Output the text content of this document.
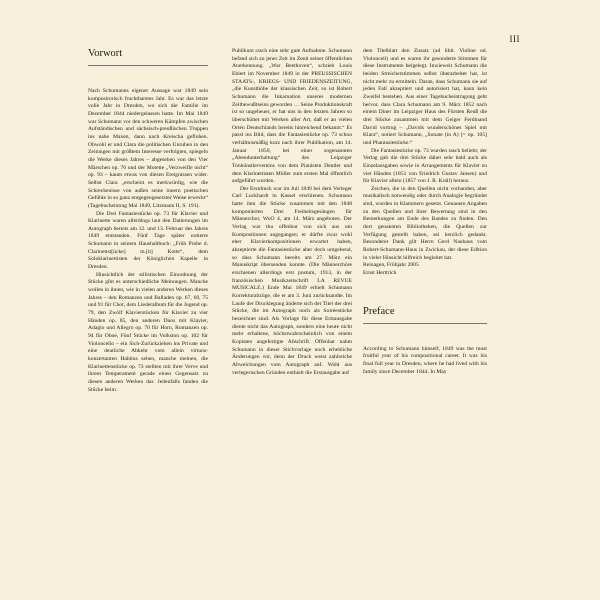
III
Vorwort

Nach Schumanns eigener Aussage war 1849 sein kompositorisch fruchtbarstes Jahr. Es war das letzte volle Jahr in Dresden, wo sich die Familie im Dezember 1844 niedergelassen hatte. Im Mai 1849 war Schumann vor den schweren Kämpfen zwischen Aufständischen und sächsisch-preußischen Truppen ins nahe Maxen, dann nach Kreischa geflohen. Obwohl er und Clara die politischen Unruhen in den Zeitungen mit größtem Interesse verfolgten, spiegeln die Werke dieses Jahres – abgesehen von den Vier Märschen op. 76 und der Motette „Verzweifle nicht“ op. 93 – kaum etwas von diesen Ereignissen wider. Selbst Clara „erscheint es merkwürdig, wie die Schreckenisse von außen seine innern poetischen Gefühle in so ganz entgegengesetzter Weise erweckt“ (Tagebucheintrag Mai 1849, Litzmann II, S. 191).

Die Drei Fantasiestücke op. 73 für Klavier und Klarinette waren allerdings laut den Datierungen im Autograph bereits am 12. und 13. Februar des Jahres 1849 entstanden. Fünf Tage später notierte Schumann in seinem Haushaltbuch: „Früh Probe d. Clarinettst[ücke] m.[it] Kotte“, dem Soloklarinettisten der Königlichen Kapelle in Dresden.

Hinsichtlich der stilistischen Einordnung der Stücke gibt es unterschiedliche Meinungen. Manche wollen in ihnen, wie in vielen anderen Werken dieses Jahres – den Romanzen und Balladen op. 67, 69, 75 und 91 für Chor, dem Liederalbum für die Jugend op. 79, den Zwölf Klavierstücken für Klavier zu vier Händen op. 85, den anderen Duos mit Klavier, Adagio und Allegro op. 70 für Horn, Romanzen op. 94 für Oboe, Fünf Stücke im Volkston op. 102 für Violoncello – ein Sich-Zurückziehen ins Private und eine deutliche Abkehr vom allein virtuos-konzertanten Habitus sehen, manche meinen, die Klarinettenstücke op. 73 stellten mit ihrer Verve und ihrem Temperament gerade einen Gegensatz zu diesen anderen Werken dar. Jedenfalls fanden die Stücke beim

Publikum rasch eine sehr gute Aufnahme. Schumann befand sich zu jener Zeit im Zenit seiner öffentlichen Anerkennung. „War Beethoven“, schrieb Louis Ehlert im November 1849 in der PREUSSISCHEN STAATS-, KRIEGS- UND FRIEDENSZEITUNG, „die Kunsthöhe der klassischen Zeit, so ist Robert Schumann die Inkarnation unseres modernen Zeitbewußtseins geworden … Seine Produktionskraft ist so ungeheuer, er hat uns in den letzten Jahren so überschüttet mit Werken aller Art, daß er an vielen Orten Deutschlands bereits hinreichend bekannt.“ Es passt ins Bild, dass die Fantasiestücke op. 73 schon verhältnismäßig kurz nach ihrer Publikation, am 14. Januar 1850, bei einer sogenannten „Abendunterhaltung“ des Leipziger Tonkünstlervereins von dem Pianisten Dentler und dem Klarinettisten Müller zum ersten Mal öffentlich aufgeführt wurden.

Der Erstdruck war im Juli 1849 bei dem Verleger Carl Luckhardt in Kassel erschienen. Schumann hatte ihm die Stücke zusammen mit den 1848 komponierten Drei Freiheitsgesängen für Männerchor, WoO 4, am 14. März angeboten. Der Verlag war thu offenbar von sich aus um Kompositionen angegangen; er dürfte zwar wohl eher Klavierkompositionen erwartet haben, akzeptierte die Fantasiestücke aber doch umgehend, so dass Schumann bereits am 27. März ein Manuskript übersenden konnte. (Die Männerchöre erschienen allerdings erst postum, 1913, in der französischen Musikzeitschrift LA REVUE MUSICALE.) Ende Mai 1849 erhielt Schumann Korrekturabzüge, die er am 3. Juni zurücksandte. Im Laufe der Drucklegung änderte sich der Titel der drei Stücke, die im Autograph noch als Soiréestücke bezeichnet sind. Als Vorlage für diese Erstausgabe diente nicht das Autograph, sondern eine heute nicht mehr erhaltene, höchstwahrscheinlich von einem Kopisten angefertigte Abschrift. Offenbar nahm Schumann in dieser Stichvorlage noch erhebliche Änderungen vor, denn der Druck weist zahlreiche Abweichungen vom Autograph auf. Wohl aus verlegerischen Gründen enthielt die Erstausgabe auf

dem Titelblatt den Zusatz (ad libit. Violine od. Violoncell) und es waren ihr gesonderte Stimmen für diese Instrumente beigelegt. Inwieweit Schumann die beiden Streicherstimmen selbst überarbeitet hat, ist nicht mehr zu ermitteln. Daran, dass Schumann sie auf jeden Fall akzeptiert und autorisiert hat, kann kein Zweifel bestehen. Aus einer Tagebucheintragung geht hervor, dass Clara Schumann am 9. März 1852 nach einem Diner im Leipziger Haus des Fürsten Reuß die drei Stücke zusammen mit dem Geiger Ferdinand David vortrug – „Davids wunderschönes Spiel mit Klara“, notiert Schumann, „Sonate (in A) [= op. 105] und Phantasiestücke.“

Die Fantasiestücke op. 73 wurden rasch beliebt; der Verlag gab die drei Stücke daher sehr bald auch als Einzelausgaben sowie in Arrangements für Klavier zu vier Händen (1851 von Friedrich Gustav Jansen) und für Klavier allein (1857 von J. R. Krall) heraus.

Zeichen, die in den Quellen nicht vorhanden, aber musikalisch notwendig oder durch Analogie begründet sind, wurden in Klammern gesetzt. Genauere Angaben zu den Quellen und ihrer Bewertung sind in den Bemerkungen am Ende des Bandes zu finden. Den dort genannten Bibliotheken, die Quellen zur Verfügung gestellt haben, sei herzlich gedankt. Besonderer Dank gilt Herrn Gerd Nauhaus vom Robert-Schumann-Haus in Zwickau, der diese Edition in vieler Hinsicht hilfreich begleitet hat.

Reinagen, Frühjahr 2005

Ernst Herttrich

Preface

According to Schumann himself, 1849 was the most fruitful year of his compositional career. It was his final full year in Dresden, where he had lived with his family since December 1844. In May
